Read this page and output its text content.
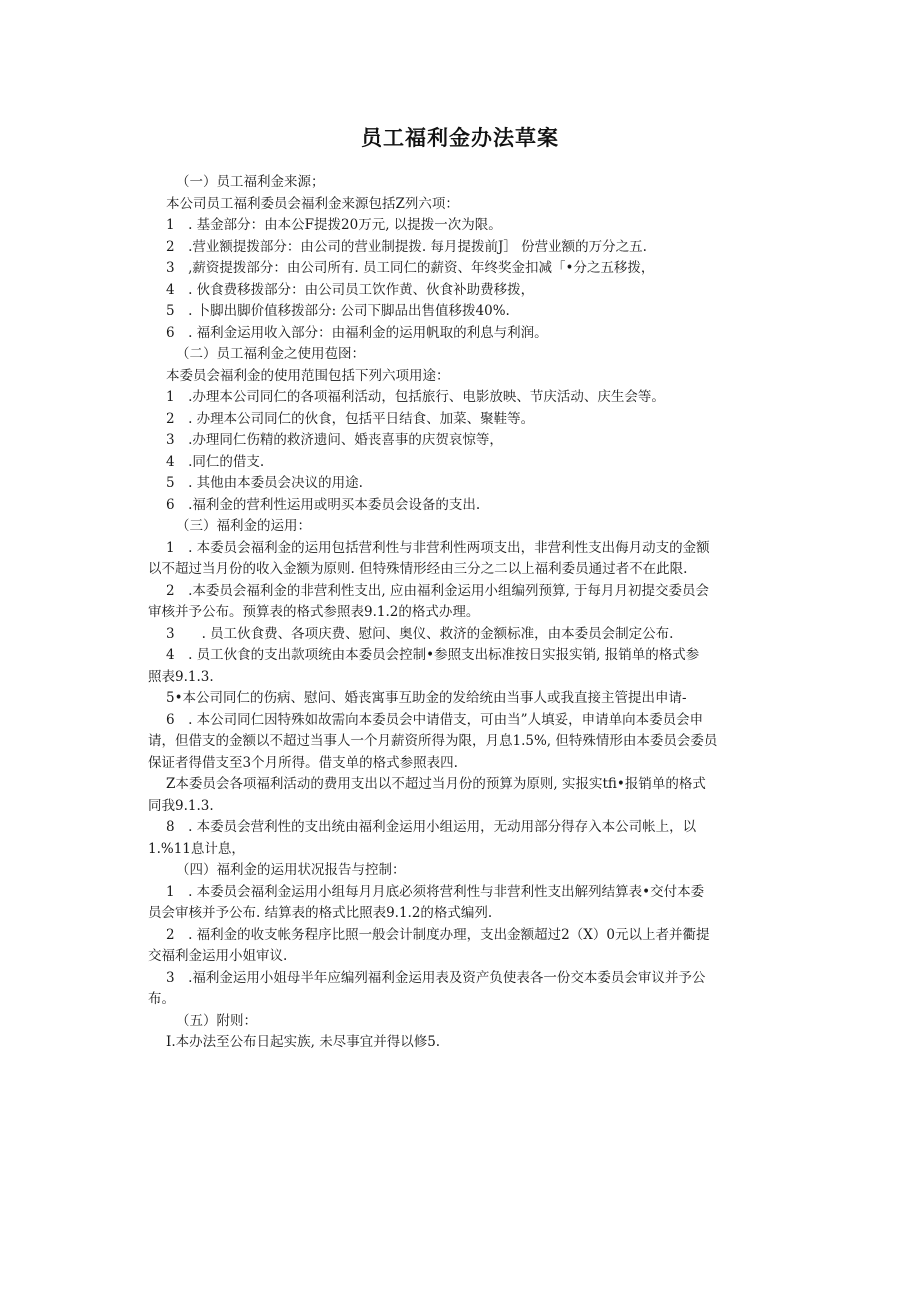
员工福利金办法草案
（一）员工福利金来源；
本公司员工福利委员会福利金来源包括Z列六项：
1　. 基金部分：由本公F提拨20万元, 以提拨一次为限。
2　.营业额提拨部分：由公司的营业制提拨. 每月提拨前J］ 份营业额的万分之五.
3　,薪资提拨部分：由公司所有. 员工同仁的薪资、年终奖金扣减「•分之五移拨，
4　. 伙食费移拨部分：由公司员工饮作黄、伙食补助费移拨，
5　. 卜脚出脚价值移拨部分: 公司下脚品出售值移拨40%.
6　. 福利金运用收入部分：由福利金的运用帆取的利息与利润。
（二）员工福利金之使用苞囹：
本委员会福利金的使用范围包括下列六项用途：
1　.办理本公司同仁的各项福利活动，包括旅行、电影放映、节庆活动、庆生会等。
2　. 办理本公司同仁的伙食，包括平日结食、加菜、聚鞋等。
3　.办理同仁伤精的救济遗问、婚丧喜事的庆贺哀惊等，
4　.同仁的借支.
5　. 其他由本委员会决议的用途.
6　.福利金的营利性运用或明买本委员会设备的支出.
（三）福利金的运用：
1　. 本委员会福利金的运用包括营利性与非营利性两项支出，非营利性支出侮月动支的金额
以不超过当月份的收入金额为原则. 但特殊情形经由三分之二以上福利委员通过者不在此限.
2　.本委员会福利金的非营利性支出, 应由福利金运用小组编列预算, 于每月月初提交委员会
审核并予公布。预算表的格式参照表9.1.2的格式办理。
3　　. 员工伙食费、各项庆费、慰问、奥仪、救济的金额标准，由本委员会制定公布.
4　. 员工伙食的支出款项统由本委员会控制•参照支出标准按日实报实销, 报销单的格式参
照表9.1.3.
5•本公司同仁的伤病、慰问、婚丧寓事互助金的发给统由当事人或我直接主管提出申请-
6　. 本公司同仁因特殊如故需向本委员会中请借支，可由当”人填妥，申请单向本委员会申
请，但借支的金额以不超过当事人一个月薪资所得为限，月息1.5%, 但特殊情形由本委员会委员
保证者得借支至3个月所得。借支单的格式参照表四.
Z本委员会各项福利活动的费用支出以不超过当月份的预算为原则, 实报实tfi•报销单的格式
同我9.1.3.
8　. 本委员会营利性的支出统由福利金运用小组运用，无动用部分得存入本公司帐上，以
1.%11息计息，
（四）福利金的运用状况报告与控制：
1　. 本委员会福利金运用小组每月月底必须将营利性与非营利性支出解列结算表•交付本委
员会审核并予公布. 结算表的格式比照表9.1.2的格式编列.
2　. 福利金的收支帐务程序比照一般会计制度办理，支出金额超过2（X）0元以上者并衢提
交福利金运用小姐审议.
3　.福利金运用小姐母半年应编列福利金运用表及资产负使表各一份交本委员会审议并予公
布。
（五）附则：
I.本办法至公布日起实族, 未尽事宜并得以修5.
